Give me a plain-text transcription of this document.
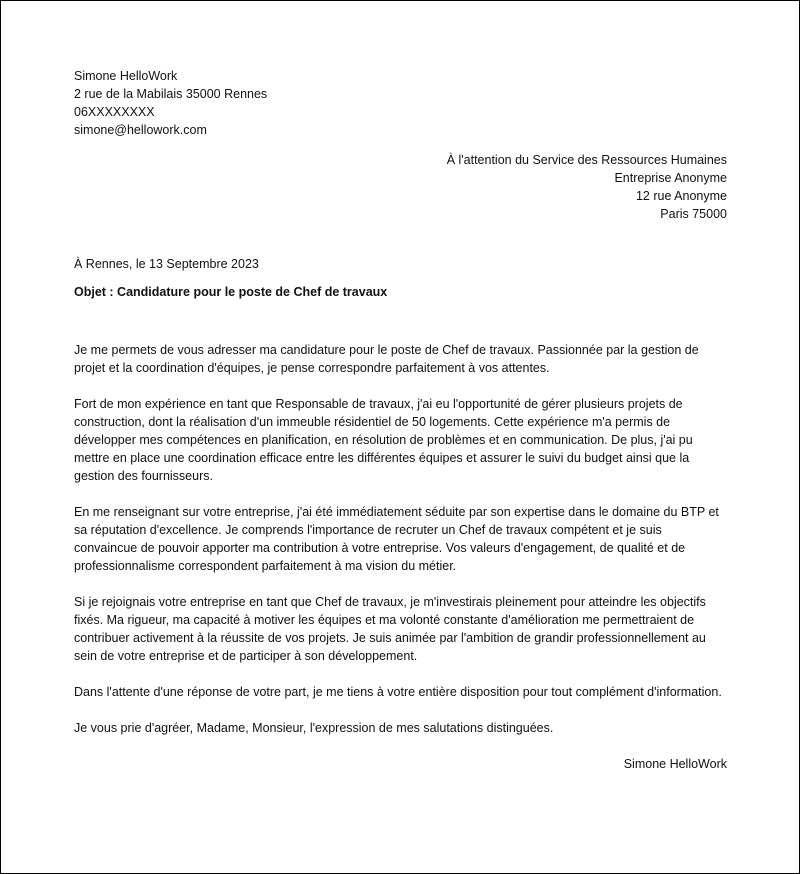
Simone HelloWork
2 rue de la Mabilais 35000 Rennes
06XXXXXXXX
simone@hellowork.com
À l'attention du Service des Ressources Humaines
Entreprise Anonyme
12 rue Anonyme
Paris 75000
À Rennes, le 13 Septembre 2023
Objet : Candidature pour le poste de Chef de travaux

Je me permets de vous adresser ma candidature pour le poste de Chef de travaux. Passionnée par la gestion de projet et la coordination d'équipes, je pense correspondre parfaitement à vos attentes.

Fort de mon expérience en tant que Responsable de travaux, j'ai eu l'opportunité de gérer plusieurs projets de construction, dont la réalisation d'un immeuble résidentiel de 50 logements. Cette expérience m'a permis de développer mes compétences en planification, en résolution de problèmes et en communication. De plus, j'ai pu mettre en place une coordination efficace entre les différentes équipes et assurer le suivi du budget ainsi que la gestion des fournisseurs.

En me renseignant sur votre entreprise, j'ai été immédiatement séduite par son expertise dans le domaine du BTP et sa réputation d'excellence. Je comprends l'importance de recruter un Chef de travaux compétent et je suis convaincue de pouvoir apporter ma contribution à votre entreprise. Vos valeurs d'engagement, de qualité et de professionnalisme correspondent parfaitement à ma vision du métier.

Si je rejoignais votre entreprise en tant que Chef de travaux, je m'investirais pleinement pour atteindre les objectifs fixés. Ma rigueur, ma capacité à motiver les équipes et ma volonté constante d'amélioration me permettraient de contribuer activement à la réussite de vos projets. Je suis animée par l'ambition de grandir professionnellement au sein de votre entreprise et de participer à son développement.

Dans l'attente d'une réponse de votre part, je me tiens à votre entière disposition pour tout complément d'information.

Je vous prie d'agréer, Madame, Monsieur, l'expression de mes salutations distinguées.

Simone HelloWork
